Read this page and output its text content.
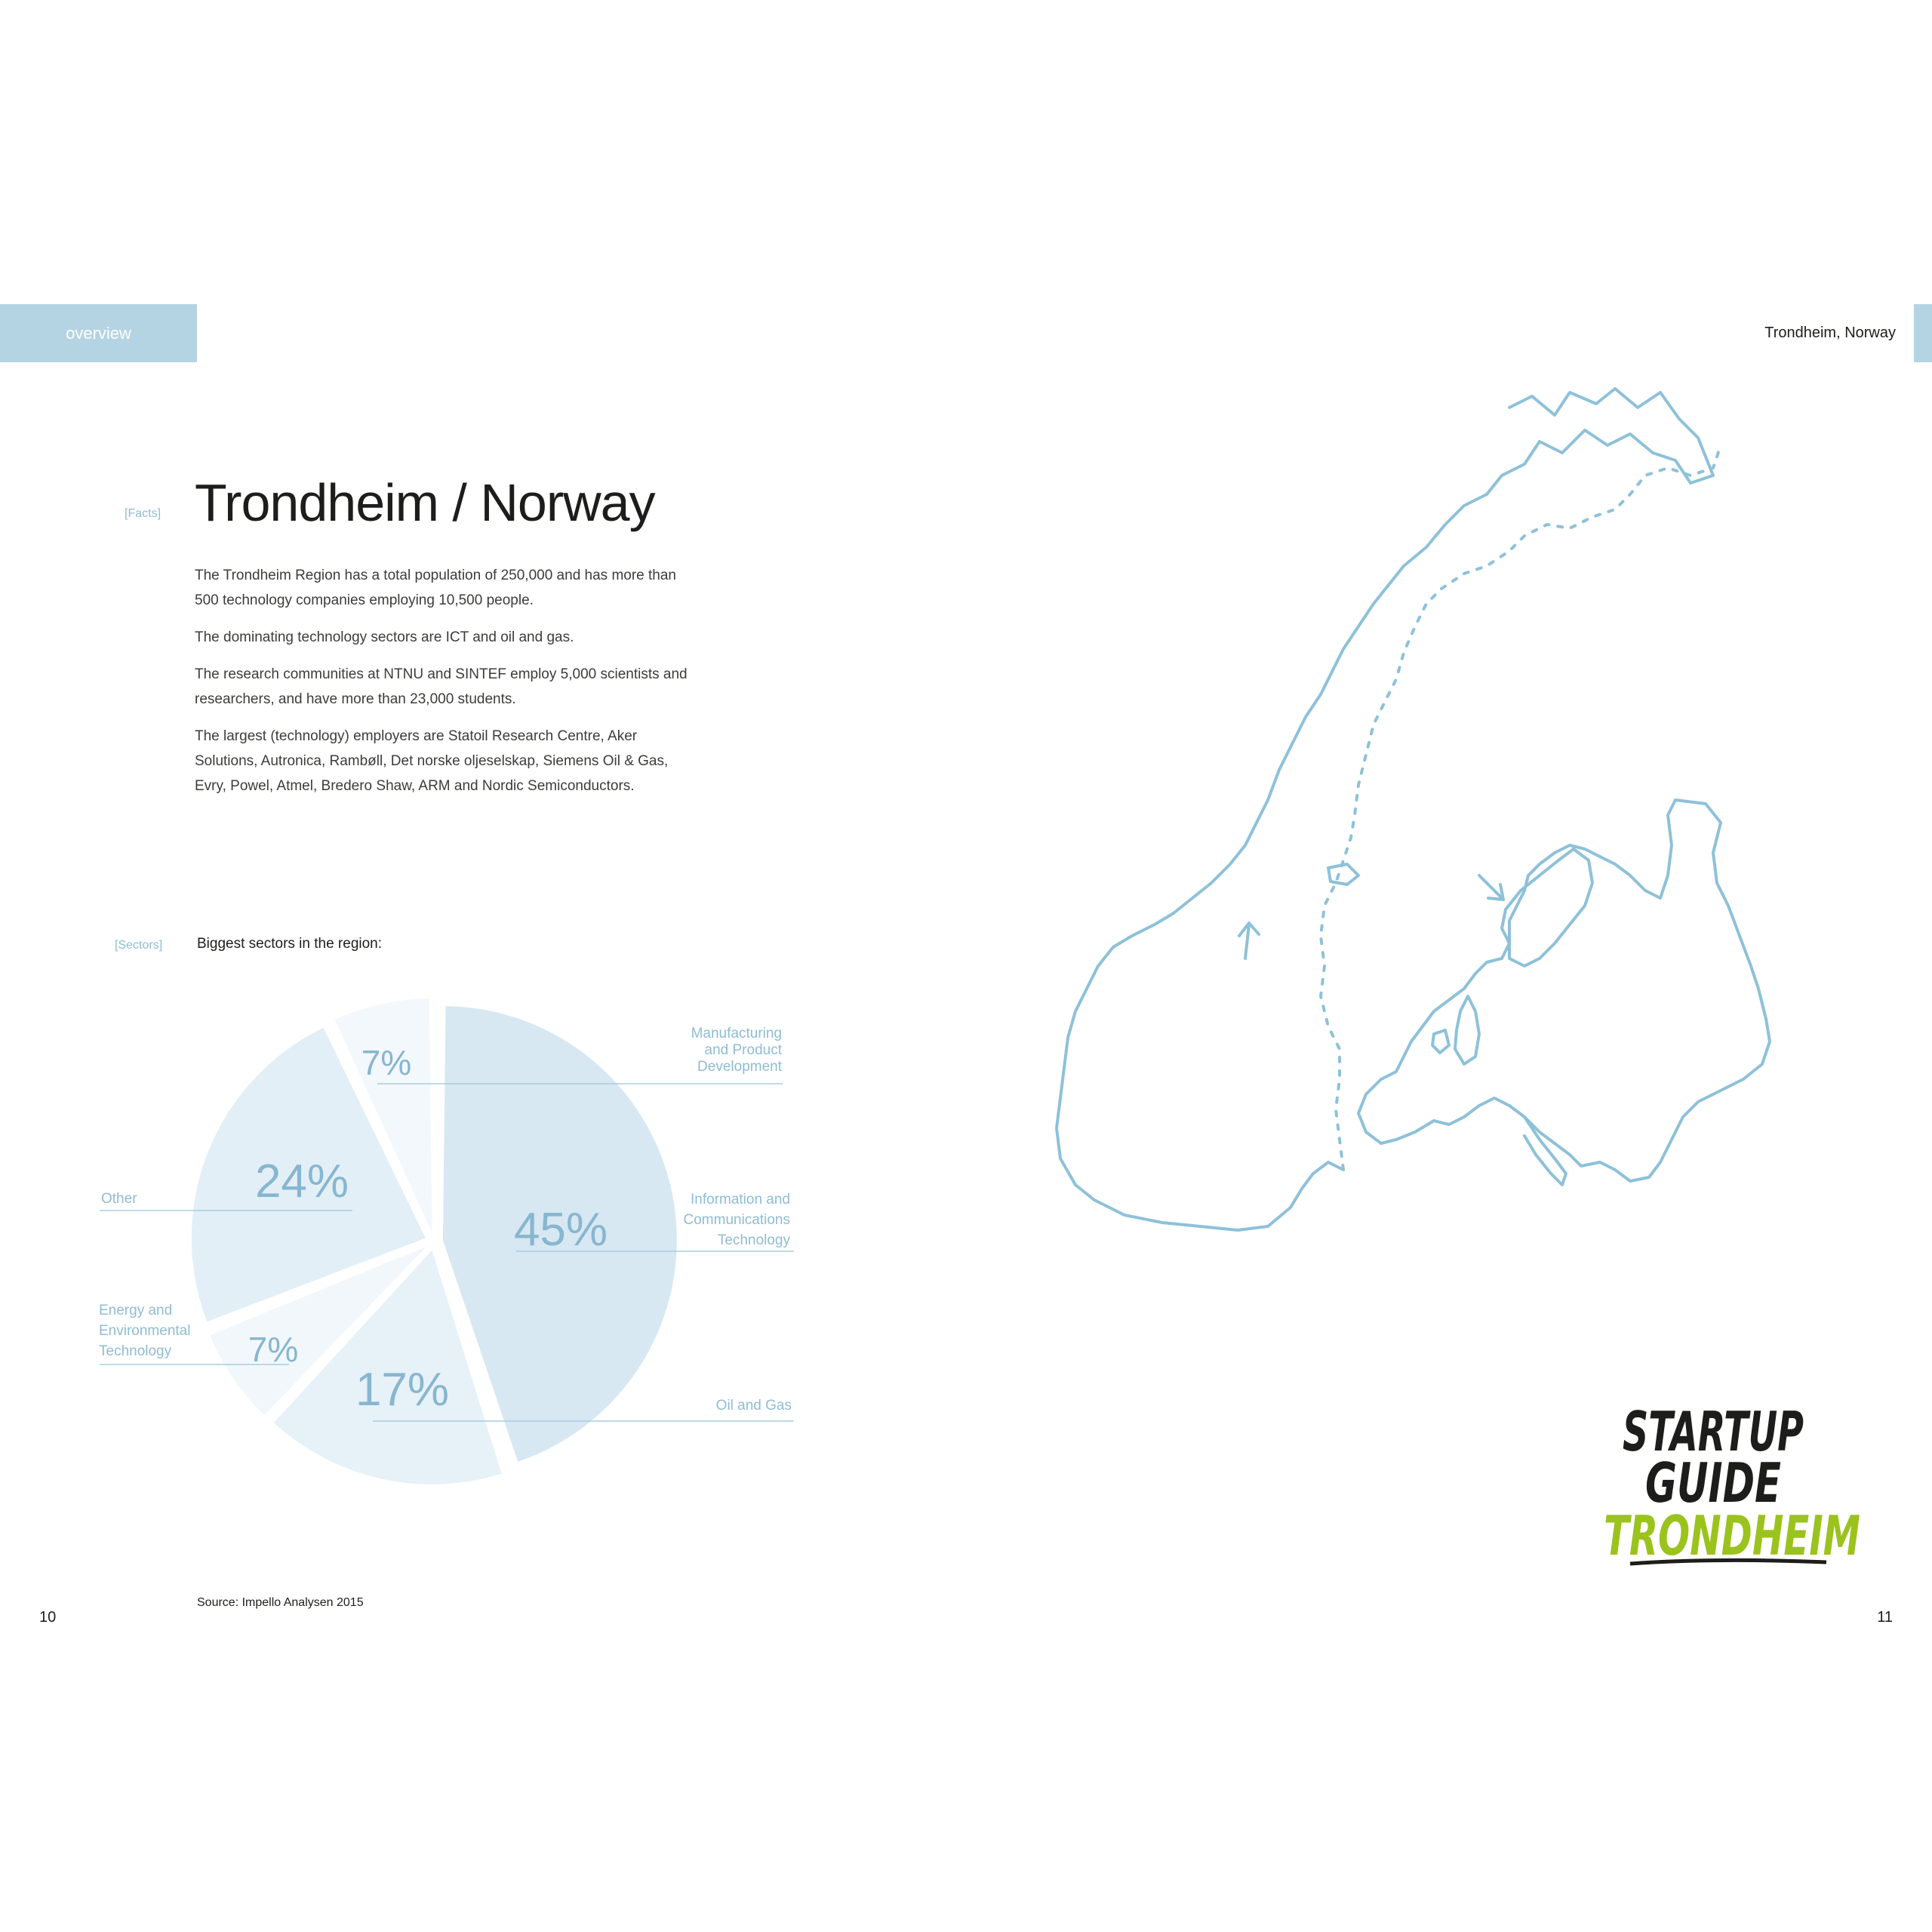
overview	Trondheim, Norway
[Facts] Trondheim / Norway

The Trondheim Region has a total population of 250,000 and has more than 500 technology companies employing 10,500 people.

The dominating technology sectors are ICT and oil and gas.

The research communities at NTNU and SINTEF employ 5,000 scientists and researchers, and have more than 23,000 students.

The largest (technology) employers are Statoil Research Centre, Aker Solutions, Autronica, Rambøll, Det norske oljeselskap, Siemens Oil & Gas, Evry, Powel, Atmel, Bredero Shaw, ARM and Nordic Semiconductors.

[Sectors] Biggest sectors in the region:
45%
17%
7%
24%
7%
Manufacturing
and Product
Development
Information and
Communications
Technology
Oil and Gas
Energy and
Environmental
Technology
Other
Source: Impello Analysen 2015
10	11
STARTUP
GUIDE
TRONDHEIM
